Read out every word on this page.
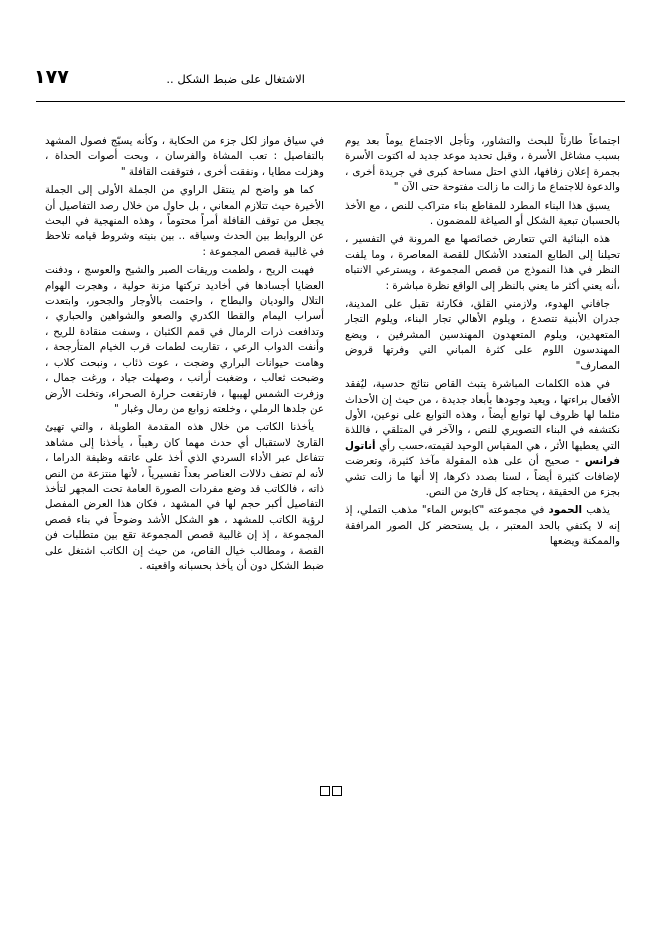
١٧٧	الاشتغال على ضبط الشكل ..

اجتماعاً طارئاً للبحث والتشاور، وتأجل الاجتماع يوماً بعد يوم بسبب مشاغل الأسرة ، وقبل تحديد موعد جديد له اكتوت الأسرة بجمرة إعلان زفافها، الذي احتل مساحة كبرى في جريدة أخرى ، والدعوة للاجتماع ما زالت ما زالت مفتوحة حتى الآن "

يسبق هذا البناء المطرد للمقاطع بناء متراكب للنص ، مع الأخذ بالحسبان تبعية الشكل أو الصياغة للمضمون .

هذه البنائية التي تتعارض خصائصها مع المرونة في التفسير ، تحيلنا إلى الطابع المتعدد الأشكال للقصة المعاصرة ، وما يلفت النظر في هذا النموذج من قصص المجموعة ، ويسترعي الانتباه ،أنه يعني أكثر ما يعني بالنظر إلى الواقع نظرة مباشرة :

جافاني الهدوء، ولازمني القلق، فكارثة تقبل على المدينة، جدران الأبنية تتصدع ، ويلوم الأهالي تجار البناء، ويلوم التجار المتعهدين، ويلوم المتعهدون المهندسين المشرفين ، ويضع المهندسون اللوم على كثرة المباني التي وفرتها قروض المصارف"

في هذه الكلمات المباشرة يتبث القاص نتائج حدسية، ليُفقد الأفعال براءتها ، ويعيد وجودها بأبعاد جديدة ، من حيث إن الأحداث مثلما لها ظروف لها توابع أيضاً ، وهذه التوابع على نوعين، الأول نكتشفه في البناء التصويري للنص ، والآخر في المتلقي ، فاللذة التي يعطيها الأثر ، هي المقياس الوحيد لقيمته،حسب رأي أناتول فرانس - صحيح أن على هذه المقولة مآخذ كثيرة، وتعرضت لإضافات كثيرة أيضاً ، لسنا بصدد ذكرها، إلا أنها ما زالت تشي بجزء من الحقيقة ، يحتاجه كل قارئ من النص.

يذهب الحمود في مجموعته "كابوس الماء" مذهب التملي، إذ إنه لا يكتفي بالحد المعتبر ، بل يستحضر كل الصور المرافقة والممكنة ويضعها

في سياق مواز لكل جزء من الحكاية ، وكأنه يسيّج فصول المشهد بالتفاصيل : تعب المشاة والفرسان ، وبحت أصوات الحداة ، وهزلت مطايا ، ونفقت أخرى ، فتوقفت القافلة "

كما هو واضح لم ينتقل الراوي من الجملة الأولى إلى الجملة الأخيرة حيث تتلازم المعاني ، بل حاول من خلال رصد التفاصيل أن يجعل من توقف القافلة أمراً محتوماً ، وهذه المنهجية في البحث عن الروابط بين الحدث وسياقه .. بين بنيته وشروط قيامه تلاحظ في غالبية قصص المجموعة :

فهبت الريح ، ولطمت وريقات الصبر والشيح والعوسج ، ودفنت العضايا أجسادها في أخاديد تركتها مزنة حولية ، وهجرت الهوام التلال والوديان والبطاح ، واحتمت بالأوجار والجحور، وابتعدت أسراب اليمام والقطا الكدري والصعو والشواهين والحباري ، وتدافعت ذرات الرمال في قمم الكثبان ، وسفت منقادة للريح ، وأنفت الدواب الرعي ، تقاربت لطمات قرب الخيام المتأرجحة ، وهامت حيوانات البراري وضجت ، عوت ذئاب ، ونبحت كلاب ، وضبحت ثعالب ، وضغبت أرانب ، وصهلت جياد ، ورغت جمال ، وزفرت الشمس لهيبها ، فارتفعت حرارة الصحراء، وتخلت الأرض عن جلدها الرملي ، وخلعته زوابع من رمال وغبار "

يأخذنا الكاتب من خلال هذه المقدمة الطويلة ، والتي تهيئ القارئ لاستقبال أي حدث مهما كان رهيباً ، يأخذنا إلى مشاهد تتفاعل عبر الأداء السردي الذي أخذ على عاتقه وظيفة الدراما ، لأنه لم تضف دلالات العناصر بعداً تفسيرياً ، لأنها منتزعة من النص ذاته ، فالكاتب قد وضع مفردات الصورة العامة تحت المجهر لتأخذ التفاصيل أكبر حجم لها في المشهد ، فكان هذا العرض المفصل لرؤية الكاتب للمشهد ، هو الشكل الأشد وضوحاً في بناء قصص المجموعة ، إذ إن غالبية قصص المجموعة تقع بين متطلبات فن القصة ، ومطالب خيال القاص، من حيث إن الكاتب اشتغل على ضبط الشكل دون أن يأخذ بحسبانه واقعيته .
